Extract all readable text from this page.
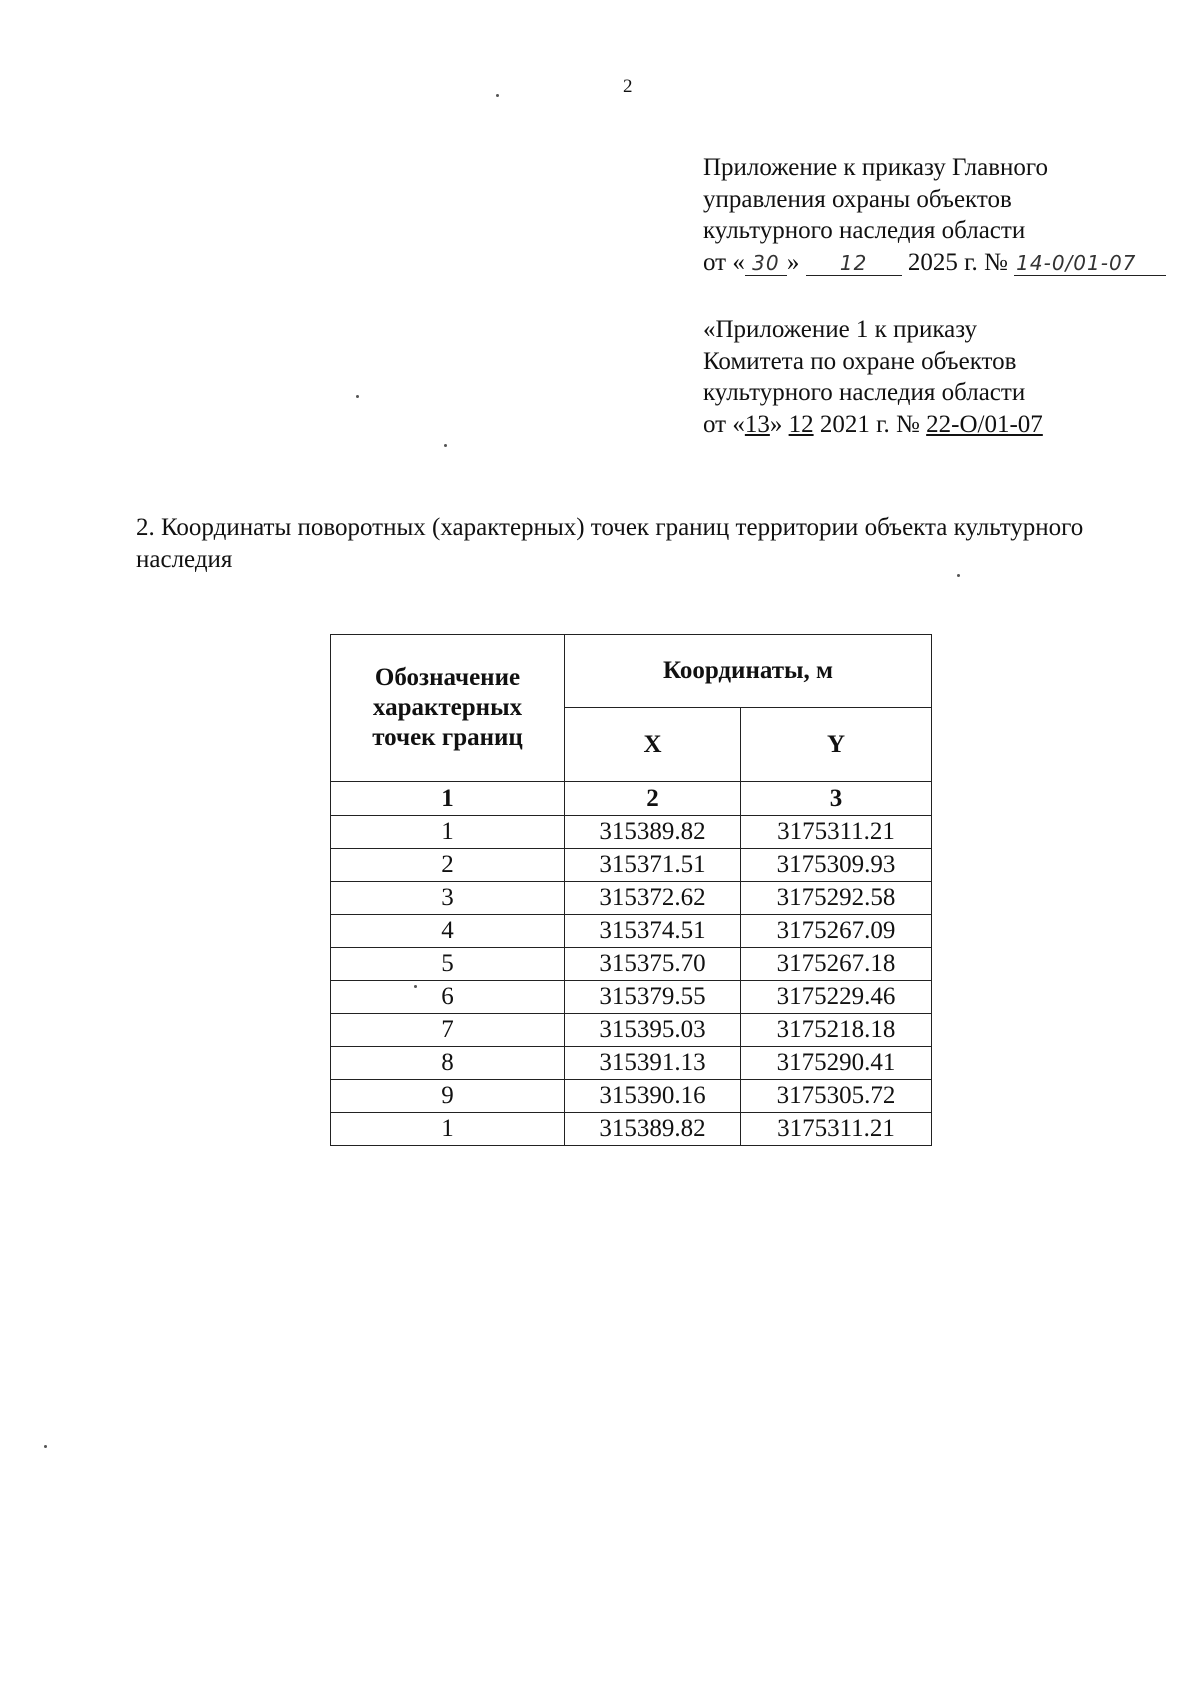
2
Приложение к приказу Главного
управления охраны объектов
культурного наследия области
от « 30 » 12 2025 г. № 14-0/01-07
«Приложение 1 к приказу
Комитета по охране объектов
культурного наследия области
от «13» 12 2021 г. № 22-О/01-07
2. Координаты поворотных (характерных) точек границ территории объекта культурного наследия
Обозначение
характерных
точек границ	Координаты, м	
	X	Y
1	2	3
1	315389.82	3175311.21
2	315371.51	3175309.93
3	315372.62	3175292.58
4	315374.51	3175267.09
5	315375.70	3175267.18
6	315379.55	3175229.46
7	315395.03	3175218.18
8	315391.13	3175290.41
9	315390.16	3175305.72
1	315389.82	3175311.21
